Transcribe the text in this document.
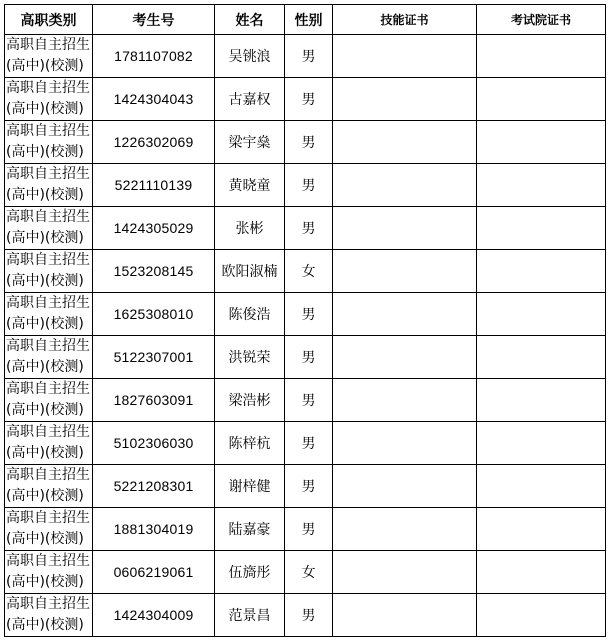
高职类别	考生号	姓名	性别	技能证书	考试院证书

高职自主招生
(高中)(校测)	1781107082	吴铫浪	男		

高职自主招生
(高中)(校测)	1424304043	古嘉权	男		

高职自主招生
(高中)(校测)	1226302069	梁宇燊	男		

高职自主招生
(高中)(校测)	5221110139	黄晓童	男		

高职自主招生
(高中)(校测)	1424305029	张彬	男		

高职自主招生
(高中)(校测)	1523208145	欧阳淑楠	女		

高职自主招生
(高中)(校测)	1625308010	陈俊浩	男		

高职自主招生
(高中)(校测)	5122307001	洪锐荣	男		

高职自主招生
(高中)(校测)	1827603091	梁浩彬	男		

高职自主招生
(高中)(校测)	5102306030	陈梓杭	男		

高职自主招生
(高中)(校测)	5221208301	谢梓健	男		

高职自主招生
(高中)(校测)	1881304019	陆嘉豪	男		

高职自主招生
(高中)(校测)	0606219061	伍旖彤	女		

高职自主招生
(高中)(校测)	1424304009	范景昌	男		
